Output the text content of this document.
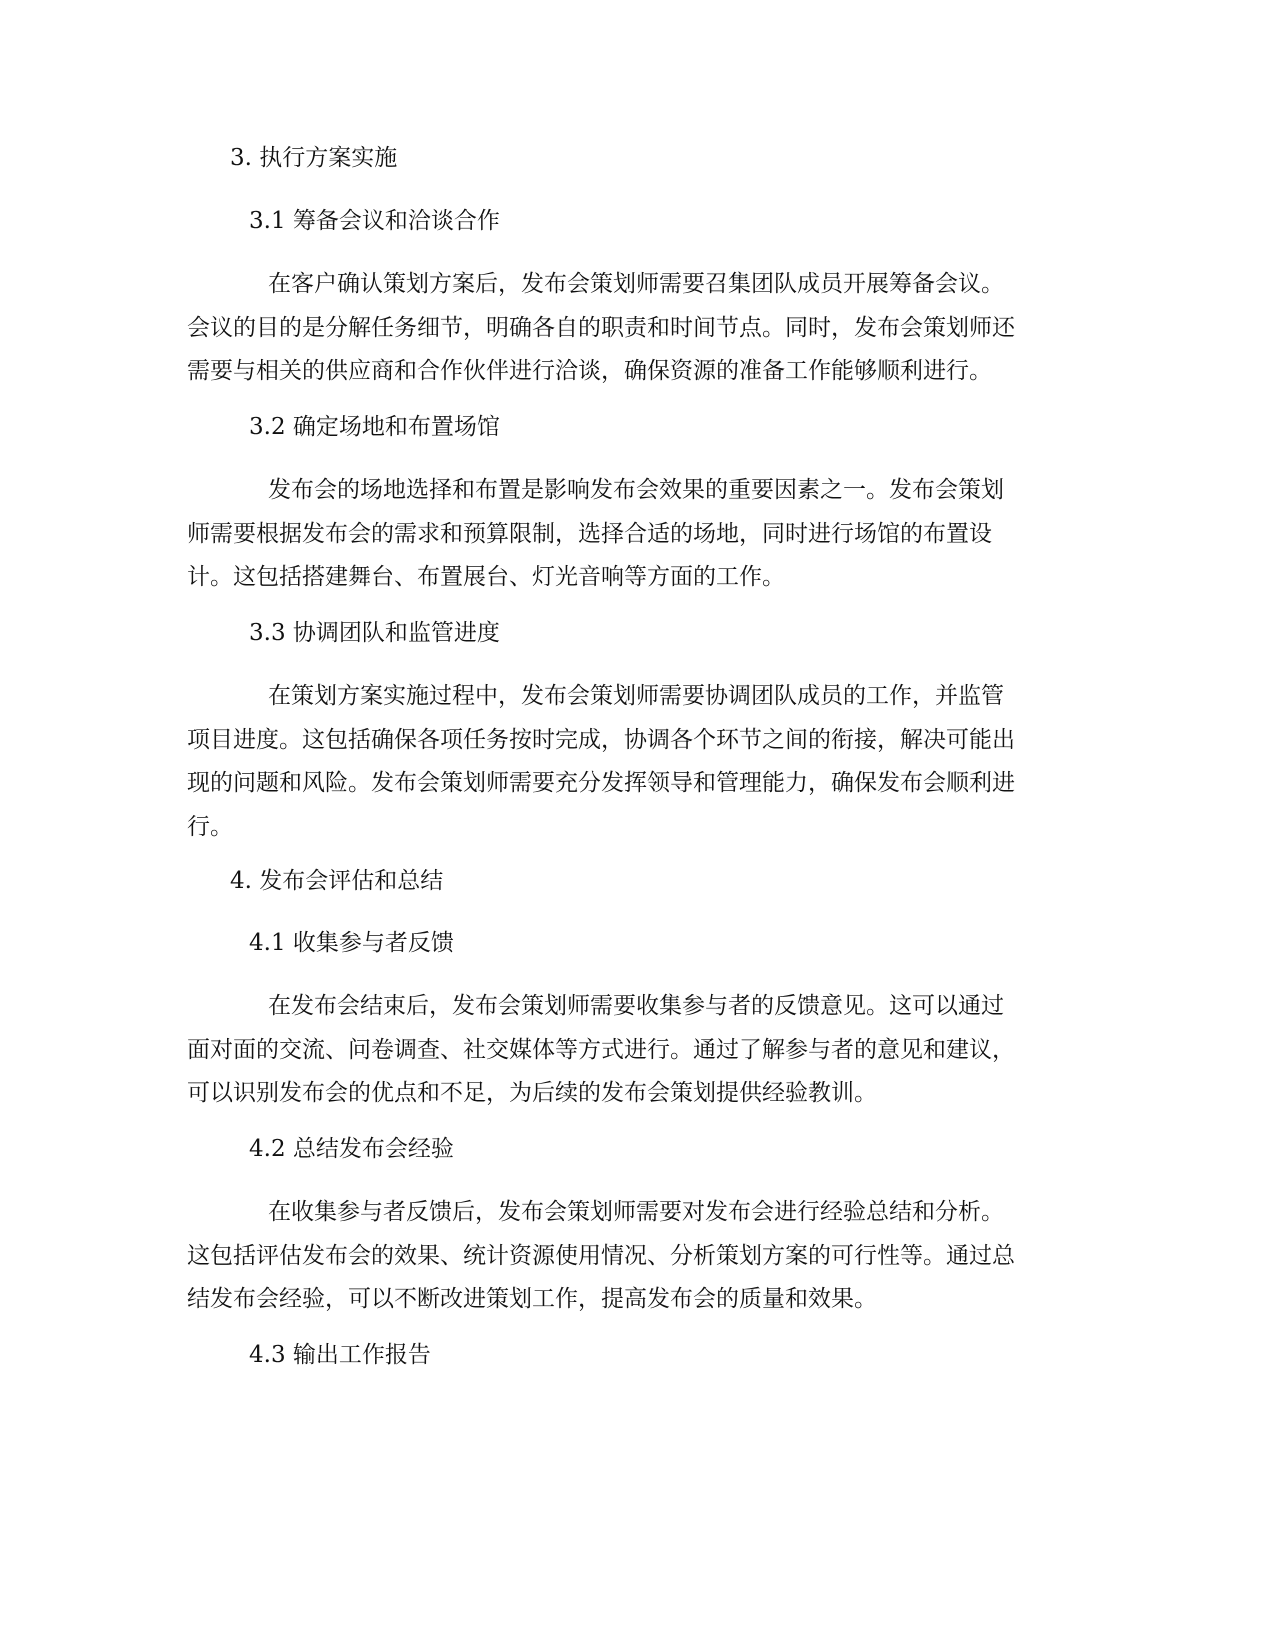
3. 执行方案实施
3.1 筹备会议和洽谈合作
在客户确认策划方案后，发布会策划师需要召集团队成员开展筹备会议。
会议的目的是分解任务细节，明确各自的职责和时间节点。同时，发布会策划师还
需要与相关的供应商和合作伙伴进行洽谈，确保资源的准备工作能够顺利进行。
3.2 确定场地和布置场馆
发布会的场地选择和布置是影响发布会效果的重要因素之一。发布会策划
师需要根据发布会的需求和预算限制，选择合适的场地，同时进行场馆的布置设
计。这包括搭建舞台、布置展台、灯光音响等方面的工作。
3.3 协调团队和监管进度
在策划方案实施过程中，发布会策划师需要协调团队成员的工作，并监管
项目进度。这包括确保各项任务按时完成，协调各个环节之间的衔接，解决可能出
现的问题和风险。发布会策划师需要充分发挥领导和管理能力，确保发布会顺利进
行。
4. 发布会评估和总结
4.1 收集参与者反馈
在发布会结束后，发布会策划师需要收集参与者的反馈意见。这可以通过
面对面的交流、问卷调查、社交媒体等方式进行。通过了解参与者的意见和建议，
可以识别发布会的优点和不足，为后续的发布会策划提供经验教训。
4.2 总结发布会经验
在收集参与者反馈后，发布会策划师需要对发布会进行经验总结和分析。
这包括评估发布会的效果、统计资源使用情况、分析策划方案的可行性等。通过总
结发布会经验，可以不断改进策划工作，提高发布会的质量和效果。
4.3 输出工作报告
